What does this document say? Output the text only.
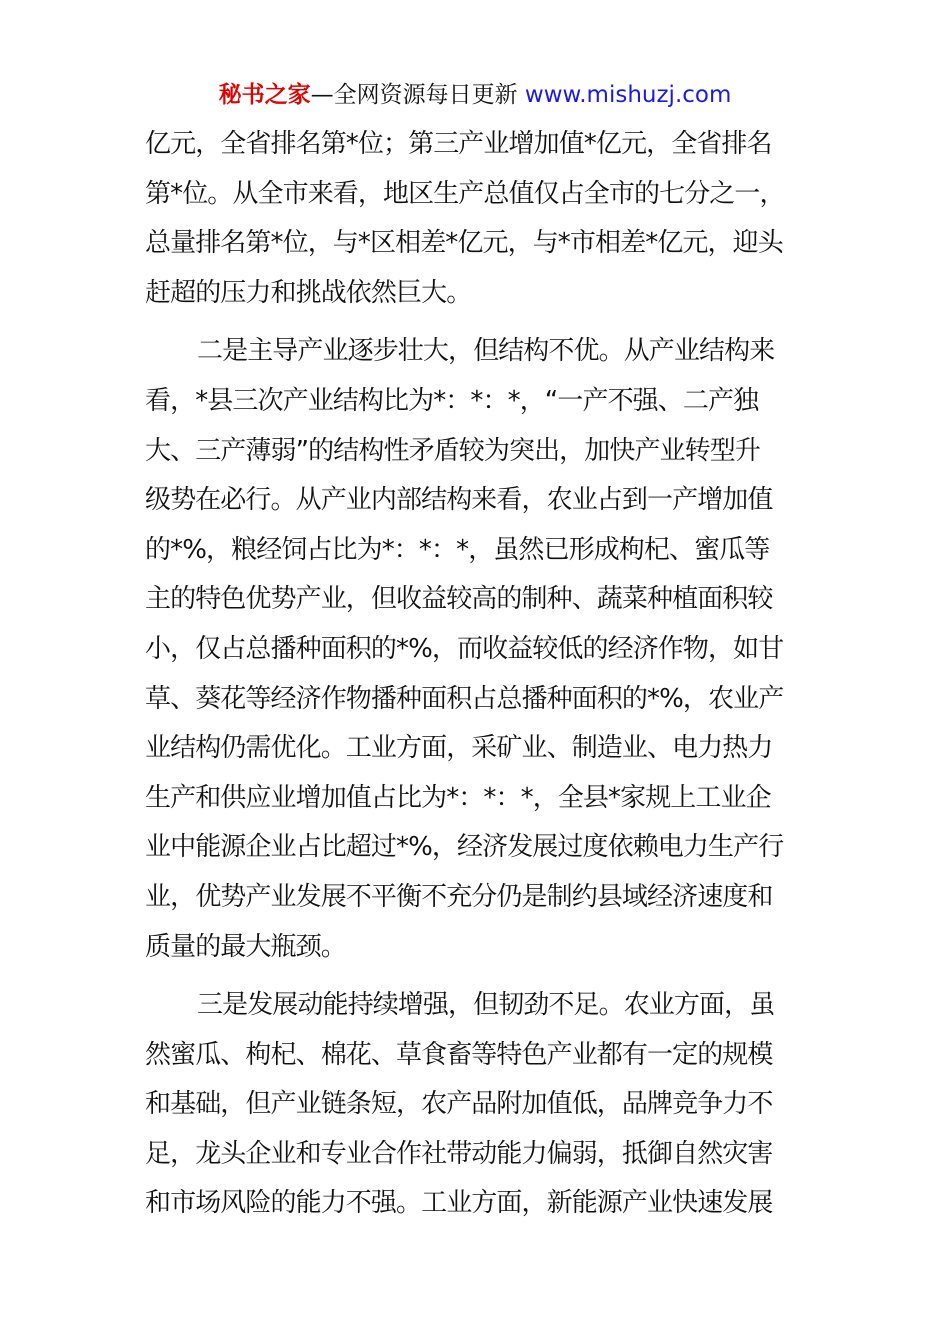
秘书之家—全网资源每日更新 www.mishuzj.com
亿元，全省排名第*位；第三产业增加值*亿元，全省排名
第*位。从全市来看，地区生产总值仅占全市的七分之一，
总量排名第*位，与*区相差*亿元，与*市相差*亿元，迎头
赶超的压力和挑战依然巨大。
二是主导产业逐步壮大，但结构不优。从产业结构来
看，*县三次产业结构比为*：*：*，“一产不强、二产独
大、三产薄弱”的结构性矛盾较为突出，加快产业转型升
级势在必行。从产业内部结构来看，农业占到一产增加值
的*%，粮经饲占比为*：*：*，虽然已形成枸杞、蜜瓜等
主的特色优势产业，但收益较高的制种、蔬菜种植面积较
小，仅占总播种面积的*%，而收益较低的经济作物，如甘
草、葵花等经济作物播种面积占总播种面积的*%，农业产
业结构仍需优化。工业方面，采矿业、制造业、电力热力
生产和供应业增加值占比为*：*：*，全县*家规上工业企
业中能源企业占比超过*%，经济发展过度依赖电力生产行
业，优势产业发展不平衡不充分仍是制约县域经济速度和
质量的最大瓶颈。
三是发展动能持续增强，但韧劲不足。农业方面，虽
然蜜瓜、枸杞、棉花、草食畜等特色产业都有一定的规模
和基础，但产业链条短，农产品附加值低，品牌竞争力不
足，龙头企业和专业合作社带动能力偏弱，抵御自然灾害
和市场风险的能力不强。工业方面，新能源产业快速发展
